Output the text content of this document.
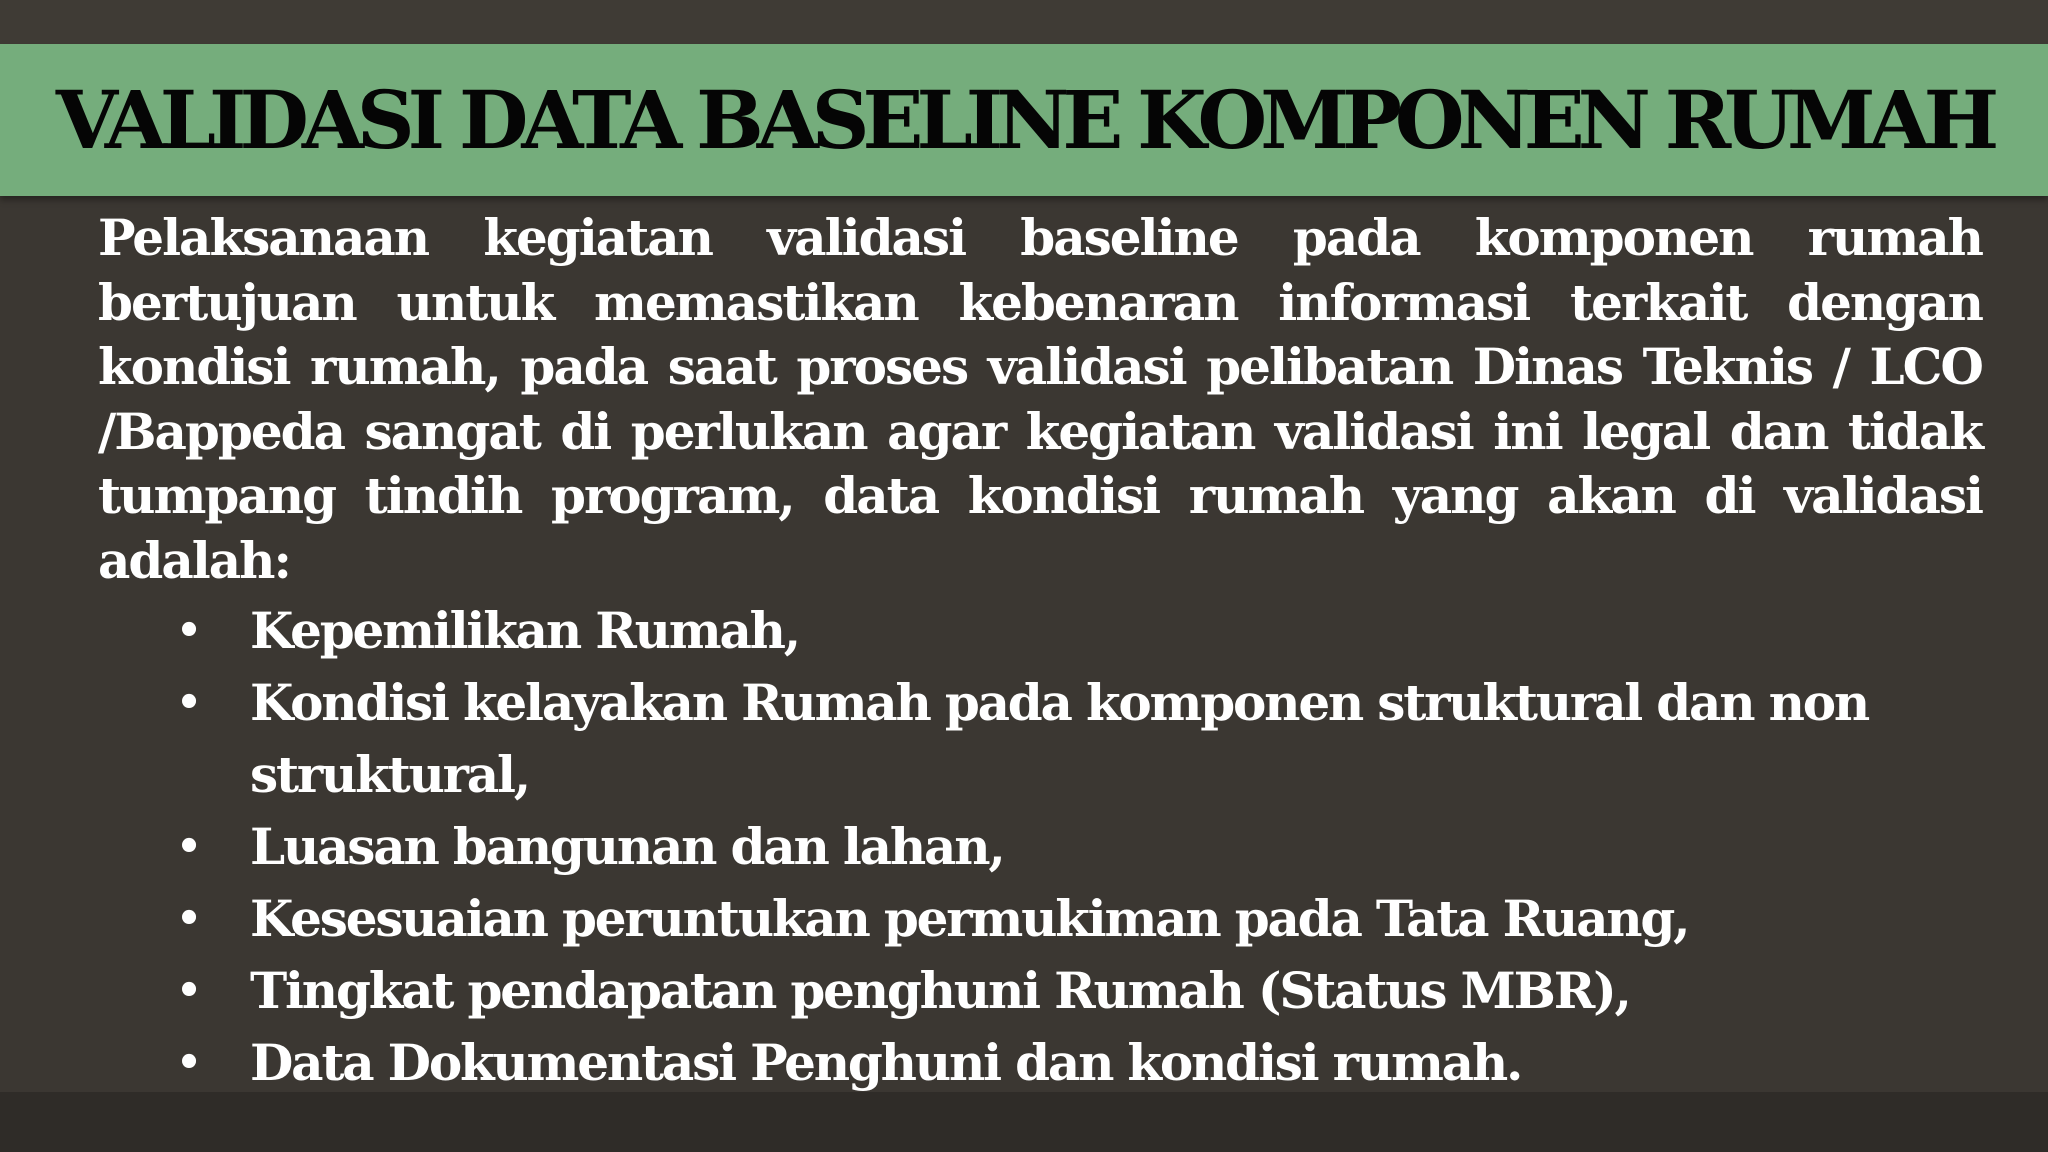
VALIDASI DATA BASELINE KOMPONEN RUMAH

Pelaksanaan kegiatan validasi baseline pada komponen rumah bertujuan untuk memastikan kebenaran informasi terkait dengan kondisi rumah, pada saat proses validasi pelibatan Dinas Teknis / LCO /Bappeda sangat di perlukan agar kegiatan validasi ini legal dan tidak tumpang tindih program, data kondisi rumah yang akan di validasi adalah:

• Kepemilikan Rumah,
• Kondisi kelayakan Rumah pada komponen struktural dan non struktural,
• Luasan bangunan dan lahan,
• Kesesuaian peruntukan permukiman pada Tata Ruang,
• Tingkat pendapatan penghuni Rumah (Status MBR),
• Data Dokumentasi Penghuni dan kondisi rumah.
